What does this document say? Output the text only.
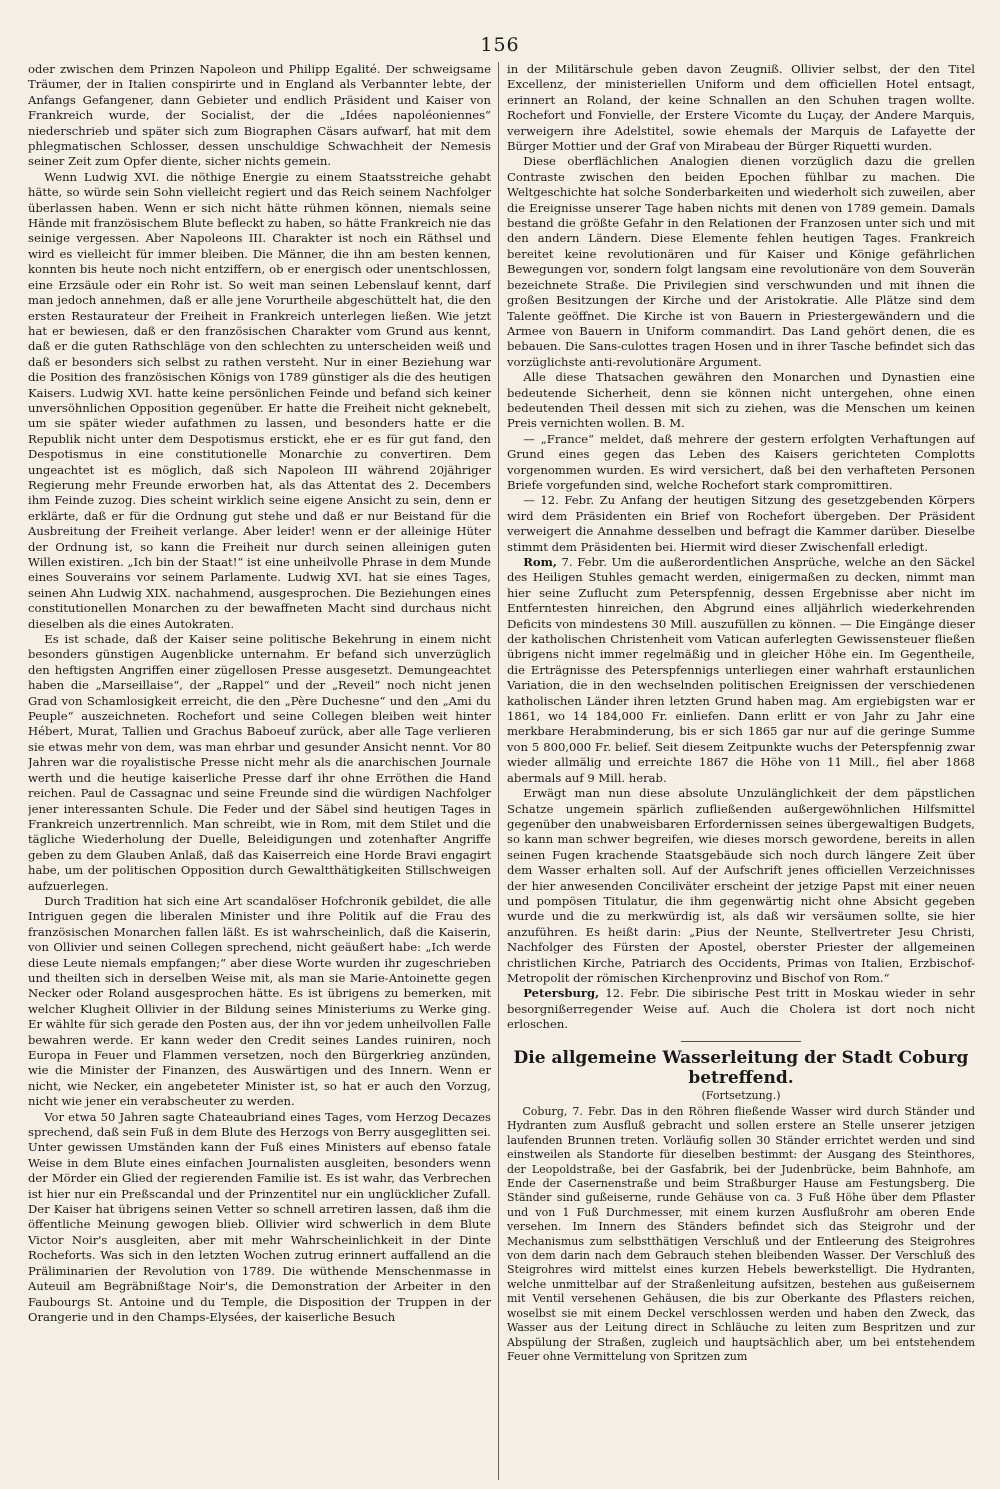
156

oder zwischen dem Prinzen Napoleon und Philipp Egalité. Der schweigsame Träumer, der in Italien conspirirte und in England als Verbannter lebte, der Anfangs Gefangener, dann Gebieter und endlich Präsident und Kaiser von Frankreich wurde, der Socialist, der die „Idées napoléoniennes“ niederschrieb und später sich zum Biographen Cäsars aufwarf, hat mit dem phlegmatischen Schlosser, dessen unschuldige Schwachheit der Nemesis seiner Zeit zum Opfer diente, sicher nichts gemein.

Wenn Ludwig XVI. die nöthige Energie zu einem Staatsstreiche gehabt hätte, so würde sein Sohn vielleicht regiert und das Reich seinem Nachfolger überlassen haben. Wenn er sich nicht hätte rühmen können, niemals seine Hände mit französischem Blute befleckt zu haben, so hätte Frankreich nie das seinige vergessen. Aber Napoleons III. Charakter ist noch ein Räthsel und wird es vielleicht für immer bleiben. Die Männer, die ihn am besten kennen, konnten bis heute noch nicht entziffern, ob er energisch oder unentschlossen, eine Erzsäule oder ein Rohr ist. So weit man seinen Lebenslauf kennt, darf man jedoch annehmen, daß er alle jene Vorurtheile abgeschüttelt hat, die den ersten Restaurateur der Freiheit in Frankreich unterlegen ließen. Wie jetzt hat er bewiesen, daß er den französischen Charakter vom Grund aus kennt, daß er die guten Rathschläge von den schlechten zu unterscheiden weiß und daß er besonders sich selbst zu rathen versteht. Nur in einer Beziehung war die Position des französischen Königs von 1789 günstiger als die des heutigen Kaisers. Ludwig XVI. hatte keine persönlichen Feinde und befand sich keiner unversöhnlichen Opposition gegenüber. Er hatte die Freiheit nicht geknebelt, um sie später wieder aufathmen zu lassen, und besonders hatte er die Republik nicht unter dem Despotismus erstickt, ehe er es für gut fand, den Despotismus in eine constitutionelle Monarchie zu convertiren. Dem ungeachtet ist es möglich, daß sich Napoleon III während 20jähriger Regierung mehr Freunde erworben hat, als das Attentat des 2. Decembers ihm Feinde zuzog. Dies scheint wirklich seine eigene Ansicht zu sein, denn er erklärte, daß er für die Ordnung gut stehe und daß er nur Beistand für die Ausbreitung der Freiheit verlange. Aber leider! wenn er der alleinige Hüter der Ordnung ist, so kann die Freiheit nur durch seinen alleinigen guten Willen existiren. „Ich bin der Staat!“ ist eine unheilvolle Phrase in dem Munde eines Souverains vor seinem Parlamente. Ludwig XVI. hat sie eines Tages, seinen Ahn Ludwig XIX. nachahmend, ausgesprochen. Die Beziehungen eines constitutionellen Monarchen zu der bewaffneten Macht sind durchaus nicht dieselben als die eines Autokraten.

Es ist schade, daß der Kaiser seine politische Bekehrung in einem nicht besonders günstigen Augenblicke unternahm. Er befand sich unverzüglich den heftigsten Angriffen einer zügellosen Presse ausgesetzt. Demungeachtet haben die „Marseillaise“, der „Rappel“ und der „Reveil“ noch nicht jenen Grad von Schamlosigkeit erreicht, die den „Père Duchesne“ und den „Ami du Peuple“ auszeichneten. Rochefort und seine Collegen bleiben weit hinter Hébert, Murat, Tallien und Grachus Baboeuf zurück, aber alle Tage verlieren sie etwas mehr von dem, was man ehrbar und gesunder Ansicht nennt. Vor 80 Jahren war die royalistische Presse nicht mehr als die anarchischen Journale werth und die heutige kaiserliche Presse darf ihr ohne Erröthen die Hand reichen. Paul de Cassagnac und seine Freunde sind die würdigen Nachfolger jener interessanten Schule. Die Feder und der Säbel sind heutigen Tages in Frankreich unzertrennlich. Man schreibt, wie in Rom, mit dem Stilet und die tägliche Wiederholung der Duelle, Beleidigungen und zotenhafter Angriffe geben zu dem Glauben Anlaß, daß das Kaiserreich eine Horde Bravi engagirt habe, um der politischen Opposition durch Gewaltthätigkeiten Stillschweigen aufzuerlegen.

Durch Tradition hat sich eine Art scandalöser Hofchronik gebildet, die alle Intriguen gegen die liberalen Minister und ihre Politik auf die Frau des französischen Monarchen fallen läßt. Es ist wahrscheinlich, daß die Kaiserin, von Ollivier und seinen Collegen sprechend, nicht geäußert habe: „Ich werde diese Leute niemals empfangen;“ aber diese Worte wurden ihr zugeschrieben und theilten sich in derselben Weise mit, als man sie Marie-Antoinette gegen Necker oder Roland ausgesprochen hätte. Es ist übrigens zu bemerken, mit welcher Klugheit Ollivier in der Bildung seines Ministeriums zu Werke ging. Er wählte für sich gerade den Posten aus, der ihn vor jedem unheilvollen Falle bewahren werde. Er kann weder den Credit seines Landes ruiniren, noch Europa in Feuer und Flammen versetzen, noch den Bürgerkrieg anzünden, wie die Minister der Finanzen, des Auswärtigen und des Innern. Wenn er nicht, wie Necker, ein angebeteter Minister ist, so hat er auch den Vorzug, nicht wie jener ein verabscheuter zu werden.

Vor etwa 50 Jahren sagte Chateaubriand eines Tages, vom Herzog Decazes sprechend, daß sein Fuß in dem Blute des Herzogs von Berry ausgeglitten sei. Unter gewissen Umständen kann der Fuß eines Ministers auf ebenso fatale Weise in dem Blute eines einfachen Journalisten ausgleiten, besonders wenn der Mörder ein Glied der regierenden Familie ist. Es ist wahr, das Verbrechen ist hier nur ein Preßscandal und der Prinzentitel nur ein unglücklicher Zufall. Der Kaiser hat übrigens seinen Vetter so schnell arretiren lassen, daß ihm die öffentliche Meinung gewogen blieb. Ollivier wird schwerlich in dem Blute Victor Noir's ausgleiten, aber mit mehr Wahrscheinlichkeit in der Dinte Rocheforts. Was sich in den letzten Wochen zutrug erinnert auffallend an die Präliminarien der Revolution von 1789. Die wüthende Menschenmasse in Auteuil am Begräbnißtage Noir's, die Demonstration der Arbeiter in den Faubourgs St. Antoine und du Temple, die Disposition der Truppen in der Orangerie und in den Champs-Elysées, der kaiserliche Besuch

in der Militärschule geben davon Zeugniß. Ollivier selbst, der den Titel Excellenz, der ministeriellen Uniform und dem officiellen Hotel entsagt, erinnert an Roland, der keine Schnallen an den Schuhen tragen wollte. Rochefort und Fonvielle, der Erstere Vicomte du Luçay, der Andere Marquis, verweigern ihre Adelstitel, sowie ehemals der Marquis de Lafayette der Bürger Mottier und der Graf von Mirabeau der Bürger Riquetti wurden.

Diese oberflächlichen Analogien dienen vorzüglich dazu die grellen Contraste zwischen den beiden Epochen fühlbar zu machen. Die Weltgeschichte hat solche Sonderbarkeiten und wiederholt sich zuweilen, aber die Ereignisse unserer Tage haben nichts mit denen von 1789 gemein. Damals bestand die größte Gefahr in den Relationen der Franzosen unter sich und mit den andern Ländern. Diese Elemente fehlen heutigen Tages. Frankreich bereitet keine revolutionären und für Kaiser und Könige gefährlichen Bewegungen vor, sondern folgt langsam eine revolutionäre von dem Souverän bezeichnete Straße. Die Privilegien sind verschwunden und mit ihnen die großen Besitzungen der Kirche und der Aristokratie. Alle Plätze sind dem Talente geöffnet. Die Kirche ist von Bauern in Priestergewändern und die Armee von Bauern in Uniform commandirt. Das Land gehört denen, die es bebauen. Die Sans-culottes tragen Hosen und in ihrer Tasche befindet sich das vorzüglichste anti-revolutionäre Argument.

Alle diese Thatsachen gewähren den Monarchen und Dynastien eine bedeutende Sicherheit, denn sie können nicht untergehen, ohne einen bedeutenden Theil dessen mit sich zu ziehen, was die Menschen um keinen Preis vernichten wollen. B. M.

— „France“ meldet, daß mehrere der gestern erfolgten Verhaftungen auf Grund eines gegen das Leben des Kaisers gerichteten Complotts vorgenommen wurden. Es wird versichert, daß bei den verhafteten Personen Briefe vorgefunden sind, welche Rochefort stark compromittiren.

— 12. Febr. Zu Anfang der heutigen Sitzung des gesetzgebenden Körpers wird dem Präsidenten ein Brief von Rochefort übergeben. Der Präsident verweigert die Annahme desselben und befragt die Kammer darüber. Dieselbe stimmt dem Präsidenten bei. Hiermit wird dieser Zwischenfall erledigt.

Rom, 7. Febr. Um die außerordentlichen Ansprüche, welche an den Säckel des Heiligen Stuhles gemacht werden, einigermaßen zu decken, nimmt man hier seine Zuflucht zum Peterspfennig, dessen Ergebnisse aber nicht im Entferntesten hinreichen, den Abgrund eines alljährlich wiederkehrenden Deficits von mindestens 30 Mill. auszufüllen zu können. — Die Eingänge dieser der katholischen Christenheit vom Vatican auferlegten Gewissensteuer fließen übrigens nicht immer regelmäßig und in gleicher Höhe ein. Im Gegentheile, die Erträgnisse des Peterspfennigs unterliegen einer wahrhaft erstaunlichen Variation, die in den wechselnden politischen Ereignissen der verschiedenen katholischen Länder ihren letzten Grund haben mag. Am ergiebigsten war er 1861, wo 14 184,000 Fr. einliefen. Dann erlitt er von Jahr zu Jahr eine merkbare Herabminderung, bis er sich 1865 gar nur auf die geringe Summe von 5 800,000 Fr. belief. Seit diesem Zeitpunkte wuchs der Peterspfennig zwar wieder allmälig und erreichte 1867 die Höhe von 11 Mill., fiel aber 1868 abermals auf 9 Mill. herab.

Erwägt man nun diese absolute Unzulänglichkeit der dem päpstlichen Schatze ungemein spärlich zufließenden außergewöhnlichen Hilfsmittel gegenüber den unabweisbaren Erfordernissen seines übergewaltigen Budgets, so kann man schwer begreifen, wie dieses morsch gewordene, bereits in allen seinen Fugen krachende Staatsgebäude sich noch durch längere Zeit über dem Wasser erhalten soll. Auf der Aufschrift jenes officiellen Verzeichnisses der hier anwesenden Conciliväter erscheint der jetzige Papst mit einer neuen und pompösen Titulatur, die ihm gegenwärtig nicht ohne Absicht gegeben wurde und die zu merkwürdig ist, als daß wir versäumen sollte, sie hier anzuführen. Es heißt darin: „Pius der Neunte, Stellvertreter Jesu Christi, Nachfolger des Fürsten der Apostel, oberster Priester der allgemeinen christlichen Kirche, Patriarch des Occidents, Primas von Italien, Erzbischof-Metropolit der römischen Kirchenprovinz und Bischof von Rom.“

Petersburg, 12. Febr. Die sibirische Pest tritt in Moskau wieder in sehr besorgnißerregender Weise auf. Auch die Cholera ist dort noch nicht erloschen.

Die allgemeine Wasserleitung der Stadt Coburg betreffend.
(Fortsetzung.)

Coburg, 7. Febr. Das in den Röhren fließende Wasser wird durch Ständer und Hydranten zum Ausfluß gebracht und sollen erstere an Stelle unserer jetzigen laufenden Brunnen treten. Vorläufig sollen 30 Ständer errichtet werden und sind einstweilen als Standorte für dieselben bestimmt: der Ausgang des Steinthores, der Leopoldstraße, bei der Gasfabrik, bei der Judenbrücke, beim Bahnhofe, am Ende der Casernenstraße und beim Straßburger Hause am Festungsberg. Die Ständer sind gußeiserne, runde Gehäuse von ca. 3 Fuß Höhe über dem Pflaster und von 1 Fuß Durchmesser, mit einem kurzen Ausflußrohr am oberen Ende versehen. Im Innern des Ständers befindet sich das Steigrohr und der Mechanismus zum selbstthätigen Verschluß und der Entleerung des Steigrohres von dem darin nach dem Gebrauch stehen bleibenden Wasser. Der Verschluß des Steigrohres wird mittelst eines kurzen Hebels bewerkstelligt. Die Hydranten, welche unmittelbar auf der Straßenleitung aufsitzen, bestehen aus gußeisernem mit Ventil versehenen Gehäusen, die bis zur Oberkante des Pflasters reichen, woselbst sie mit einem Deckel verschlossen werden und haben den Zweck, das Wasser aus der Leitung direct in Schläuche zu leiten zum Bespritzen und zur Abspülung der Straßen, zugleich und hauptsächlich aber, um bei entstehendem Feuer ohne Vermittelung von Spritzen zum
